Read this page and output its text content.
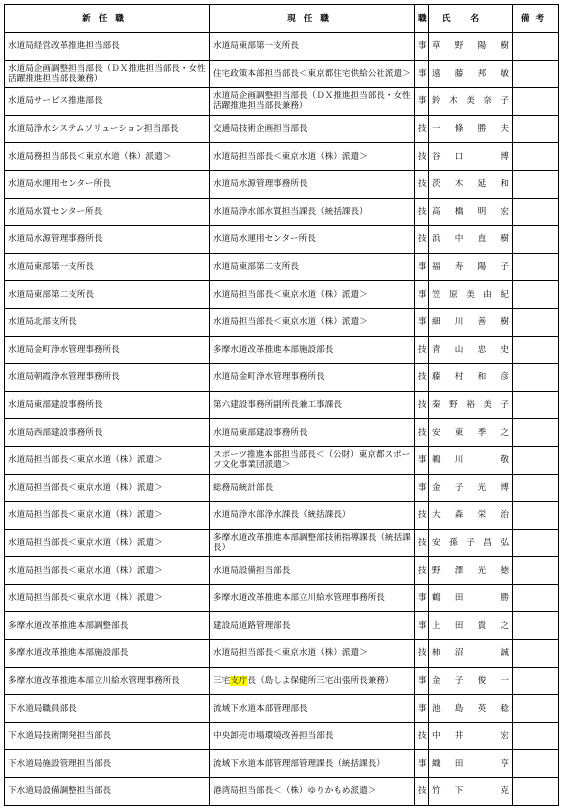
新任職	現任職	職	氏名	備考
水道局経営改革推進担当部長	水道局東部第一支所長	事	草野陽樹	
水道局企画調整担当部長（ＤＸ推進担当部長・女性活躍推進担当部長兼務）	住宅政策本部担当部長＜東京都住宅供給公社派遣＞	事	遠藤邦敏	
水道局サービス推進部長	水道局企画調整担当部長（ＤＸ推進担当部長・女性活躍推進担当部長兼務）	事	鈴木美奈子	
水道局浄水システムソリューション担当部長	交通局技術企画担当部長	技	一條勝夫	
水道局務担当部長＜東京水道（株）派遣＞	水道局担当部長＜東京水道（株）派遣＞	技	谷口　博	
水道局水運用センター所長	水道局水源管理事務所長	技	茨木延和	
水道局水質センター所長	水道局浄水部水質担当課長（統括課長）	技	高橋明宏	
水道局水源管理事務所長	水道局水運用センター所長	技	浜中直樹	
水道局東部第一支所長	水道局東部第二支所長	事	福寿陽子	
水道局東部第二支所長	水道局担当部長＜東京水道（株）派遣＞	事	笠原美由紀	
水道局北部支所長	水道局担当部長＜東京水道（株）派遣＞	事	細川善樹	
水道局金町浄水管理事務所長	多摩水道改革推進本部施設部長	技	青山忠史	
水道局朝霞浄水管理事務所長	水道局金町浄水管理事務所長	技	藤村和彦	
水道局東部建設事務所長	第六建設事務所副所長兼工事課長	技	秦野裕美子	
水道局西部建設事務所長	水道局東部建設事務所長	技	安東季之	
水道局担当部長＜東京水道（株）派遣＞	スポーツ推進本部担当部長＜（公財）東京都スポーツ文化事業団派遣＞	事	鵜川　敬	
水道局担当部長＜東京水道（株）派遣＞	総務局統計部長	事	金子光博	
水道局担当部長＜東京水道（株）派遣＞	水道局浄水部浄水課長（統括課長）	技	大森栄治	
水道局担当部長＜東京水道（株）派遣＞	多摩水道改革推進本部調整部技術指導課長（統括課長）	技	安孫子昌弘	
水道局担当部長＜東京水道（株）派遣＞	水道局設備担当部長	技	野澤光徳	
水道局担当部長＜東京水道（株）派遣＞	多摩水道改革推進本部立川給水管理事務所長	事	鶴田　勝	
多摩水道改革推進本部調整部長	建設局道路管理部長	事	上田貴之	
多摩水道改革推進本部施設部長	水道局担当部長＜東京水道（株）派遣＞	技	柿沼　誠	
多摩水道改革推進本部立川給水管理事務所長	三宅支庁長（島しよ保健所三宅出張所長兼務）	事	金子俊一	
下水道局職員部長	流域下水道本部管理部長	事	池島英稔	
下水道局技術開発担当部長	中央卸売市場環境改善担当部長	技	中井　宏	
下水道局施設管理担当部長	流域下水道本部管理部管理課長（統括課長）	事	織田　亨	
下水道局設備調整担当部長	港湾局担当部長＜（株）ゆりかもめ派遣＞	技	竹下　克	
